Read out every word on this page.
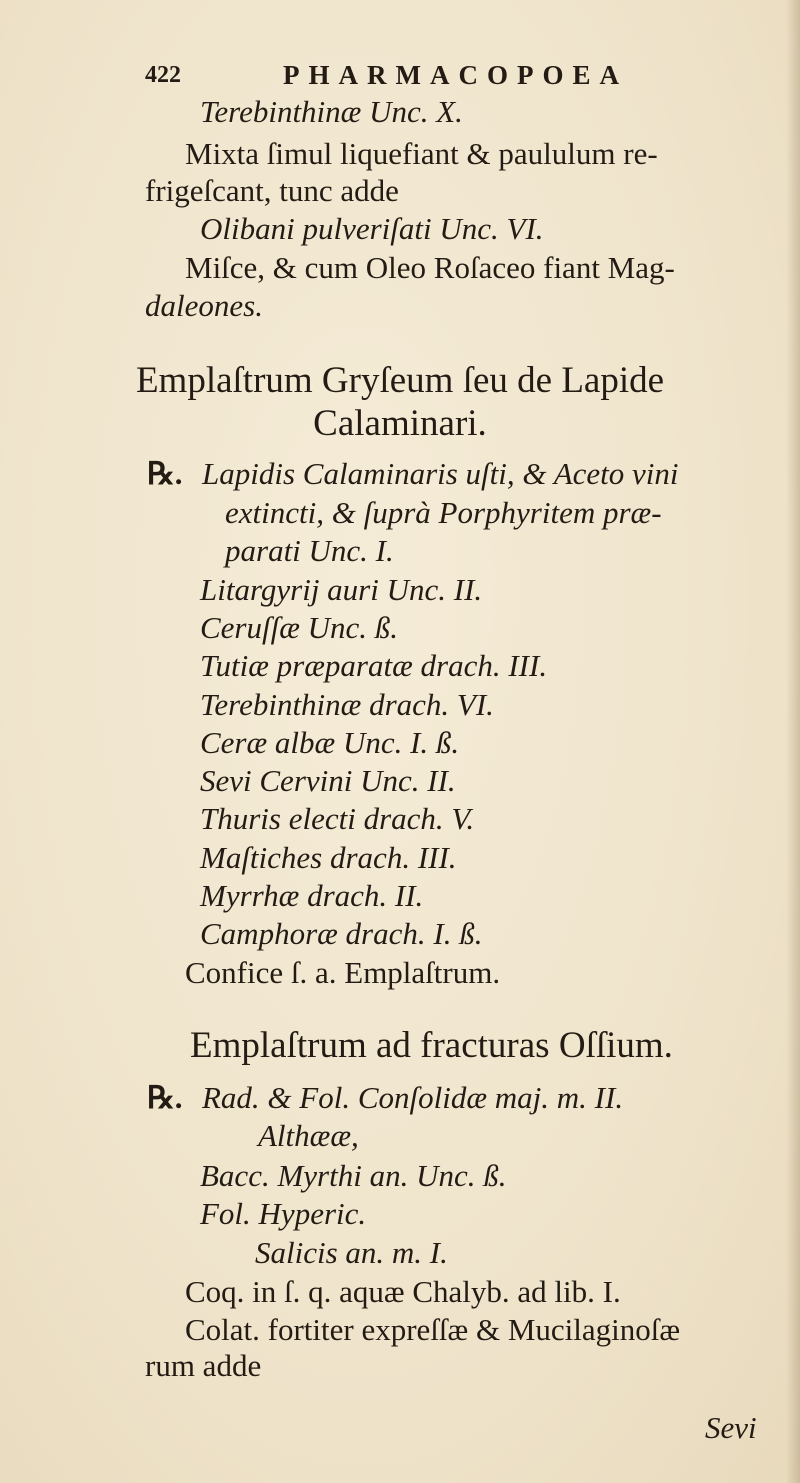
422	PHARMACOPOEA
Terebinthinæ Unc. X.
Mixta ſimul liquefiant & paululum re-
frigeſcant, tunc adde
Olibani pulveriſati Unc. VI.
Miſce, & cum Oleo Roſaceo fiant Mag-
daleones.
Emplaſtrum Gryſeum ſeu de Lapide
Calaminari.
℞. Lapidis Calaminaris uſti, & Aceto vini
extincti, & ſuprà Porphyritem præ-
parati Unc. I.
Litargyrij auri Unc. II.
Ceruſſæ Unc. ß.
Tutiæ præparatæ drach. III.
Terebinthinæ drach. VI.
Ceræ albæ Unc. I. ß.
Sevi Cervini Unc. II.
Thuris electi drach. V.
Maſtiches drach. III.
Myrrhæ drach. II.
Camphoræ drach. I. ß.
Confice ſ. a. Emplaſtrum.
Emplaſtrum ad fracturas Oſſium.
℞. Rad. & Fol. Conſolidæ maj. m. II.
Althææ,
Bacc. Myrthi an. Unc. ß.
Fol. Hyperic.
Salicis an. m. I.
Coq. in ſ. q. aquæ Chalyb. ad lib. I.
Colat. fortiter expreſſæ & Mucilaginoſæ
rum adde
Sevi
